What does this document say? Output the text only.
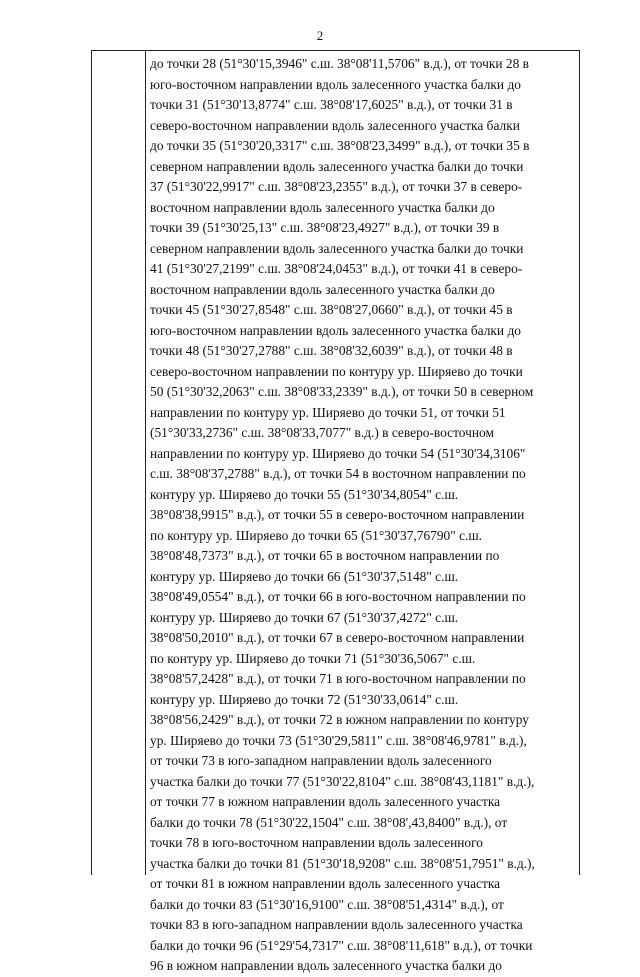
2
до точки 28 (51°30'15,3946" с.ш. 38°08'11,5706" в.д.), от точки 28 в
юго-восточном направлении вдоль залесенного участка балки до
точки 31 (51°30'13,8774" с.ш. 38°08'17,6025" в.д.), от точки 31 в
северо-восточном направлении вдоль залесенного участка балки
до точки 35 (51°30'20,3317" с.ш. 38°08'23,3499" в.д.), от точки 35 в
северном направлении вдоль залесенного участка балки до точки
37 (51°30'22,9917" с.ш. 38°08'23,2355" в.д.), от точки 37 в северо-
восточном направлении вдоль залесенного участка балки до
точки 39 (51°30'25,13" с.ш. 38°08'23,4927" в.д.), от точки 39 в
северном направлении вдоль залесенного участка балки до точки
41 (51°30'27,2199" с.ш. 38°08'24,0453" в.д.), от точки 41 в северо-
восточном направлении вдоль залесенного участка балки до
точки 45 (51°30'27,8548" с.ш. 38°08'27,0660" в.д.), от точки 45 в
юго-восточном направлении вдоль залесенного участка балки до
точки 48 (51°30'27,2788" с.ш. 38°08'32,6039" в.д.), от точки 48 в
северо-восточном направлении по контуру ур. Ширяево до точки
50 (51°30'32,2063" с.ш. 38°08'33,2339" в.д.), от точки 50 в северном
направлении по контуру ур. Ширяево до точки 51, от точки 51
(51°30'33,2736" с.ш. 38°08'33,7077" в.д.) в северо-восточном
направлении по контуру ур. Ширяево до точки 54 (51°30'34,3106"
с.ш. 38°08'37,2788" в.д.), от точки 54 в восточном направлении по
контуру ур. Ширяево до точки 55 (51°30'34,8054" с.ш.
38°08'38,9915" в.д.), от точки 55 в северо-восточном направлении
по контуру ур. Ширяево до точки 65 (51°30'37,76790" с.ш.
38°08'48,7373" в.д.), от точки 65 в восточном направлении по
контуру ур. Ширяево до точки 66 (51°30'37,5148" с.ш.
38°08'49,0554" в.д.), от точки 66 в юго-восточном направлении по
контуру ур. Ширяево до точки 67 (51°30'37,4272" с.ш.
38°08'50,2010" в.д.), от точки 67 в северо-восточном направлении
по контуру ур. Ширяево до точки 71 (51°30'36,5067" с.ш.
38°08'57,2428" в.д.), от точки 71 в юго-восточном направлении по
контуру ур. Ширяево до точки 72 (51°30'33,0614" с.ш.
38°08'56,2429" в.д.), от точки 72 в южном направлении по контуру
ур. Ширяево до точки 73 (51°30'29,5811" с.ш. 38°08'46,9781" в.д.),
от точки 73 в юго-западном направлении вдоль залесенного
участка балки до точки 77 (51°30'22,8104" с.ш. 38°08'43,1181" в.д.),
от точки 77 в южном направлении вдоль залесенного участка
балки до точки 78 (51°30'22,1504" с.ш. 38°08',43,8400" в.д.), от
точки 78 в юго-восточном направлении вдоль залесенного
участка балки до точки 81 (51°30'18,9208" с.ш. 38°08'51,7951" в.д.),
от точки 81 в южном направлении вдоль залесенного участка
балки до точки 83 (51°30'16,9100" с.ш. 38°08'51,4314" в.д.), от
точки 83 в юго-западном направлении вдоль залесенного участка
балки до точки 96 (51°29'54,7317" с.ш. 38°08'11,618" в.д.), от точки
96 в южном направлении вдоль залесенного участка балки до
